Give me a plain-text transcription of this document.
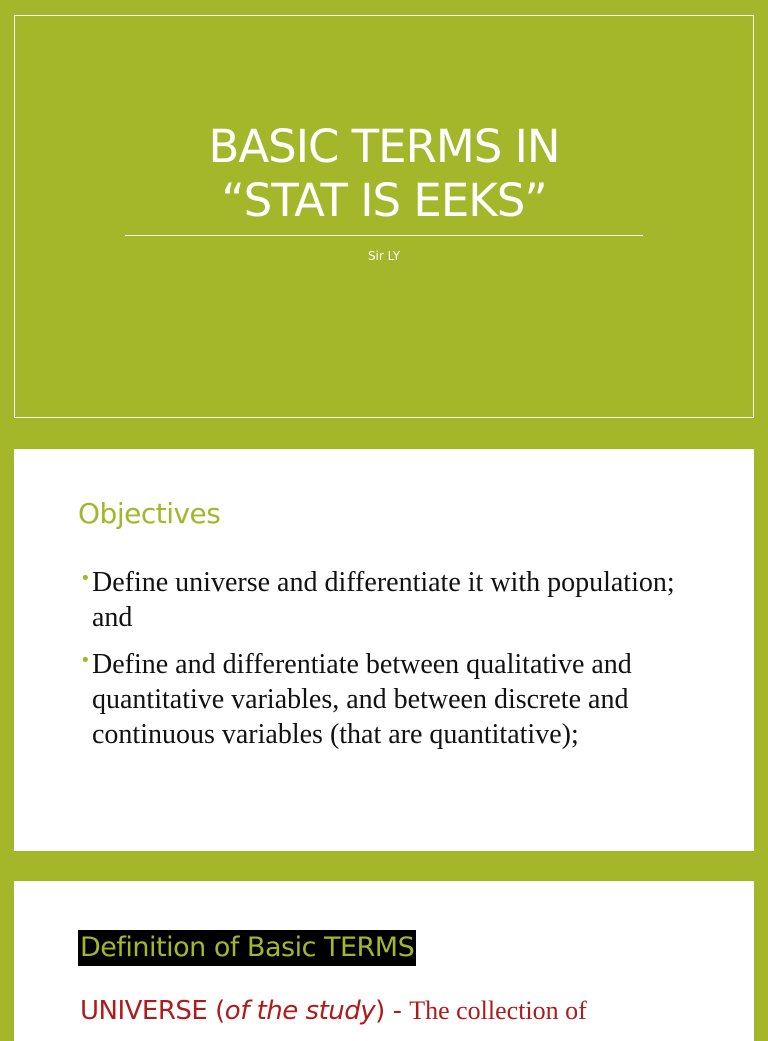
BASIC TERMS IN
“STAT IS EEKS”
Sir LY
Objectives
• Define universe and differentiate it with population; and
• Define and differentiate between qualitative and quantitative variables, and between discrete and continuous variables (that are quantitative);
Definition of Basic TERMS
UNIVERSE (of the study) - The collection of
